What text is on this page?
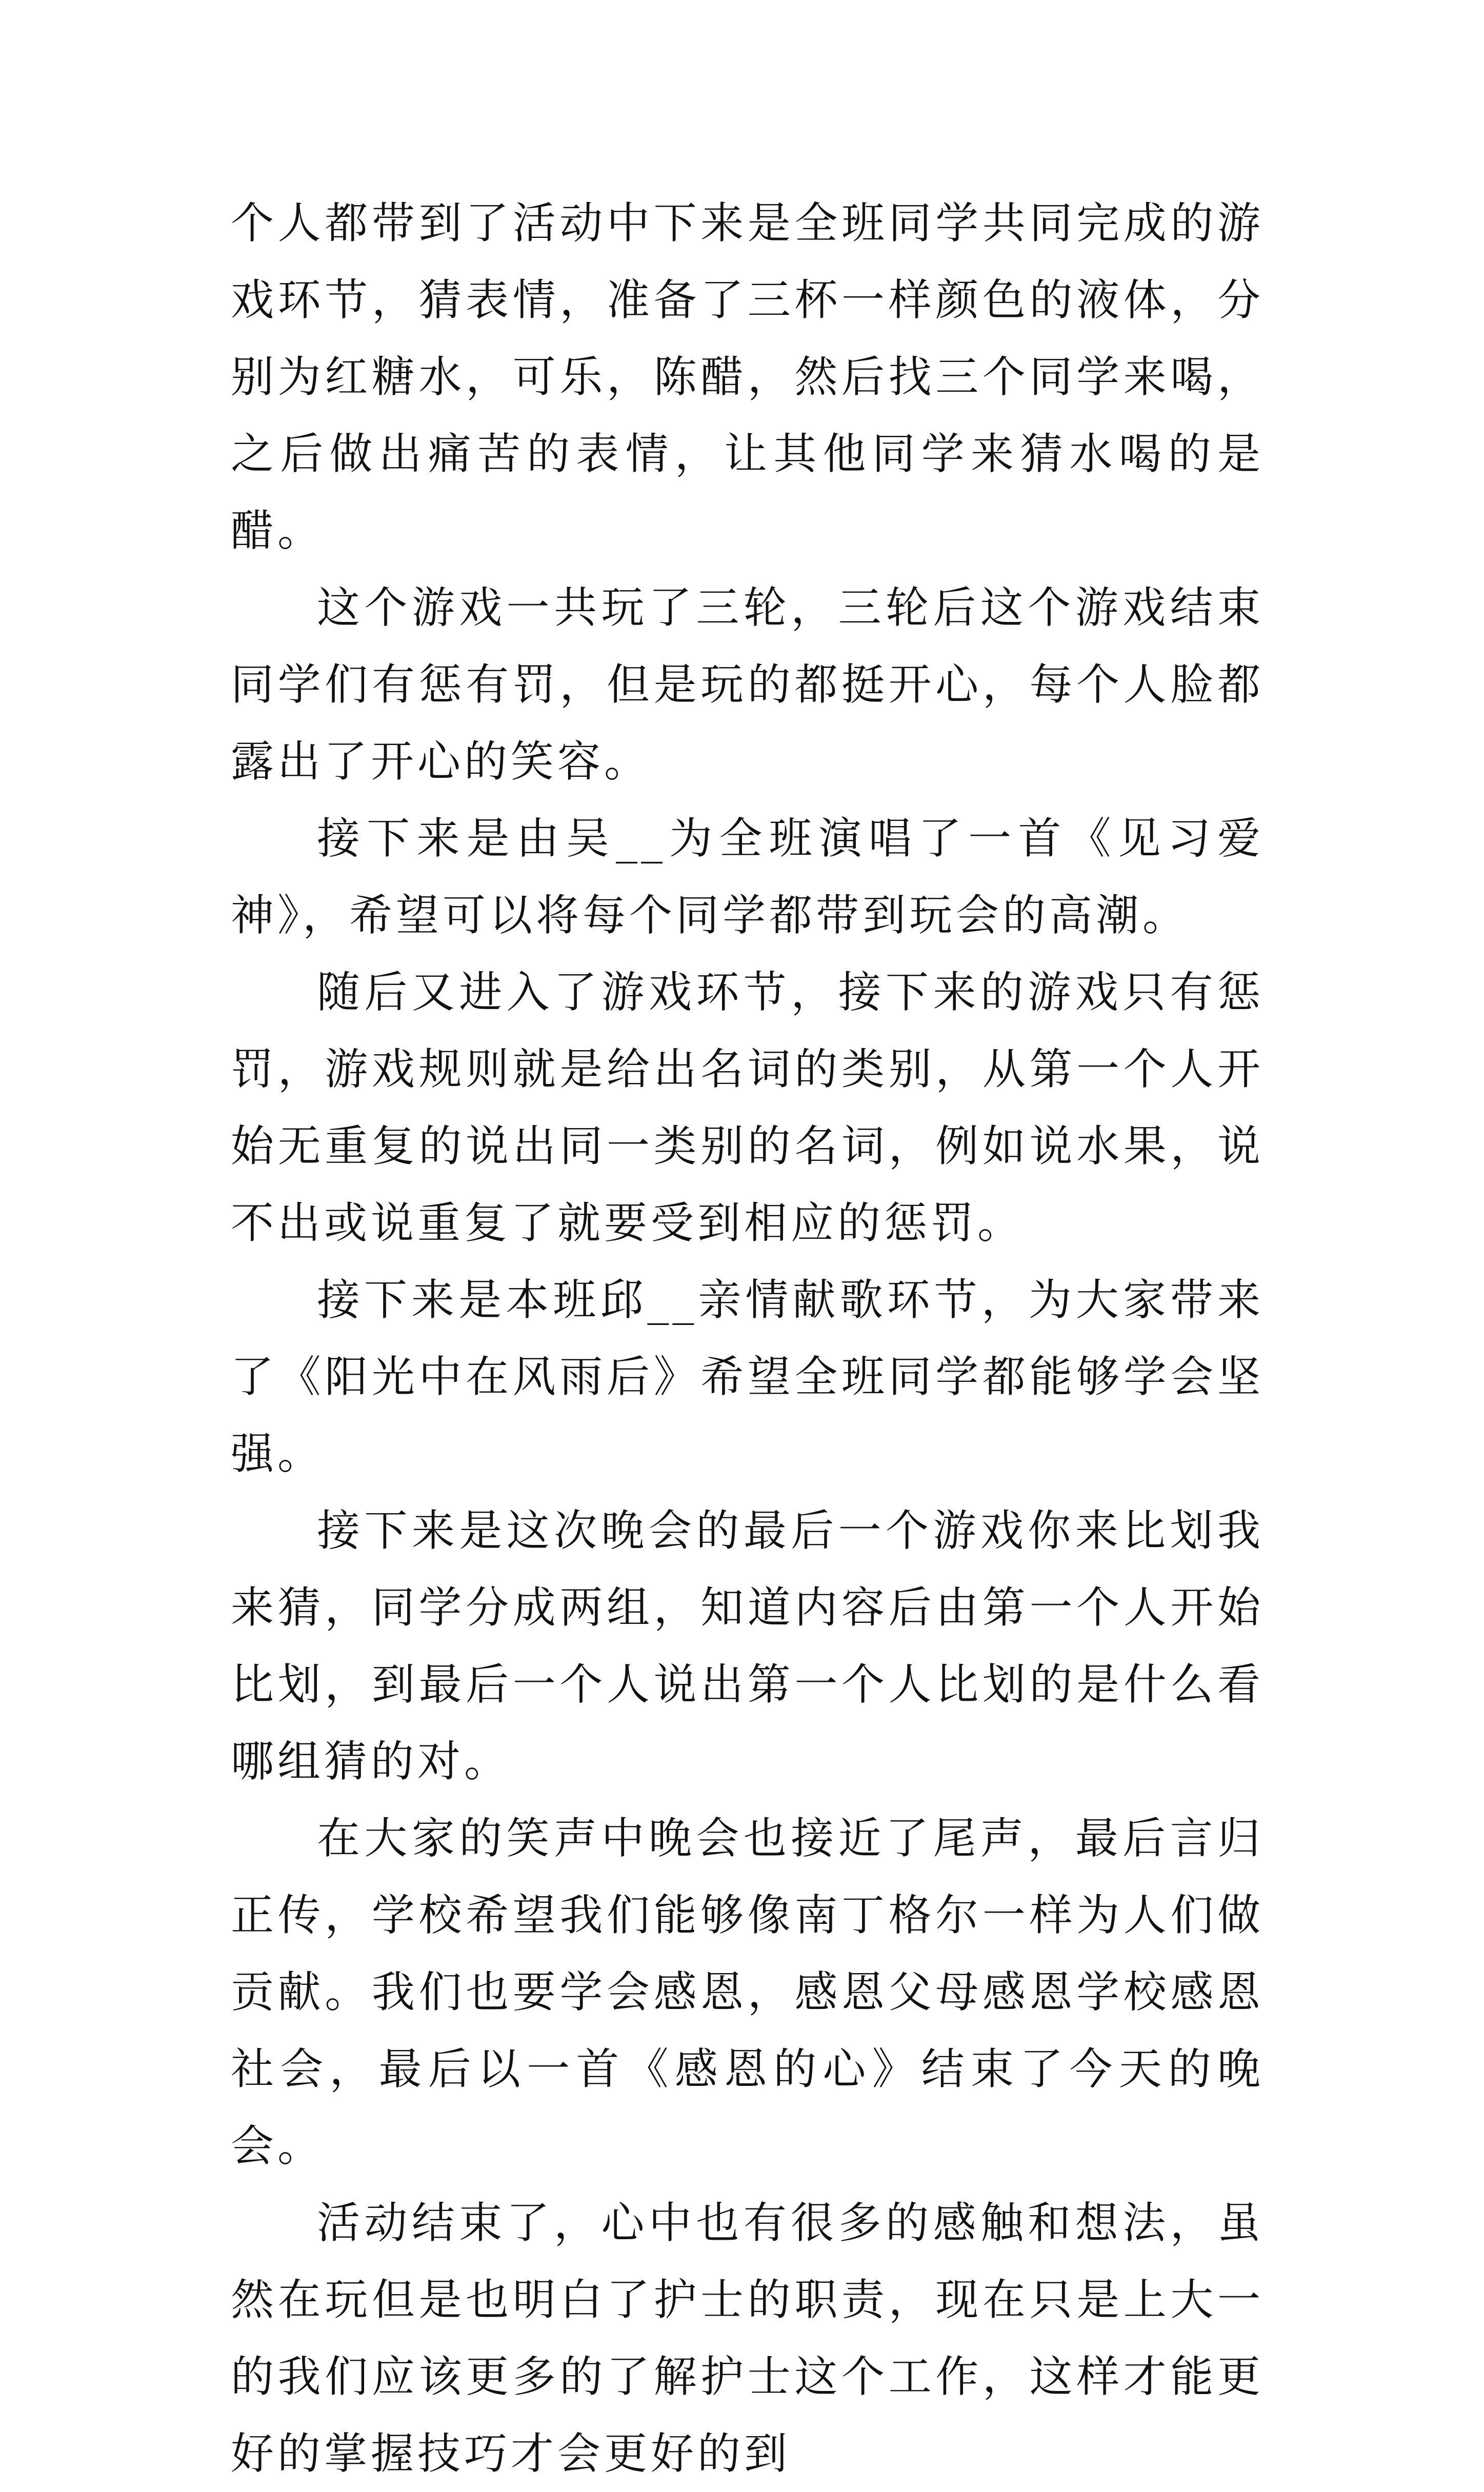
个人都带到了活动中下来是全班同学共同完成的游戏环节，猜表情，准备了三杯一样颜色的液体，分别为红糖水，可乐，陈醋，然后找三个同学来喝，之后做出痛苦的表情，让其他同学来猜水喝的是醋。

这个游戏一共玩了三轮，三轮后这个游戏结束同学们有惩有罚，但是玩的都挺开心，每个人脸都露出了开心的笑容。

接下来是由吴__为全班演唱了一首《见习爱神》，希望可以将每个同学都带到玩会的高潮。

随后又进入了游戏环节，接下来的游戏只有惩罚，游戏规则就是给出名词的类别，从第一个人开始无重复的说出同一类别的名词，例如说水果，说不出或说重复了就要受到相应的惩罚。

接下来是本班邱__亲情献歌环节，为大家带来了《阳光中在风雨后》希望全班同学都能够学会坚强。

接下来是这次晚会的最后一个游戏你来比划我来猜，同学分成两组，知道内容后由第一个人开始比划，到最后一个人说出第一个人比划的是什么看哪组猜的对。

在大家的笑声中晚会也接近了尾声，最后言归正传，学校希望我们能够像南丁格尔一样为人们做贡献。我们也要学会感恩，感恩父母感恩学校感恩社会，最后以一首《感恩的心》结束了今天的晚会。

活动结束了，心中也有很多的感触和想法，虽然在玩但是也明白了护士的职责，现在只是上大一的我们应该更多的了解护士这个工作，这样才能更好的掌握技巧才会更好的到
